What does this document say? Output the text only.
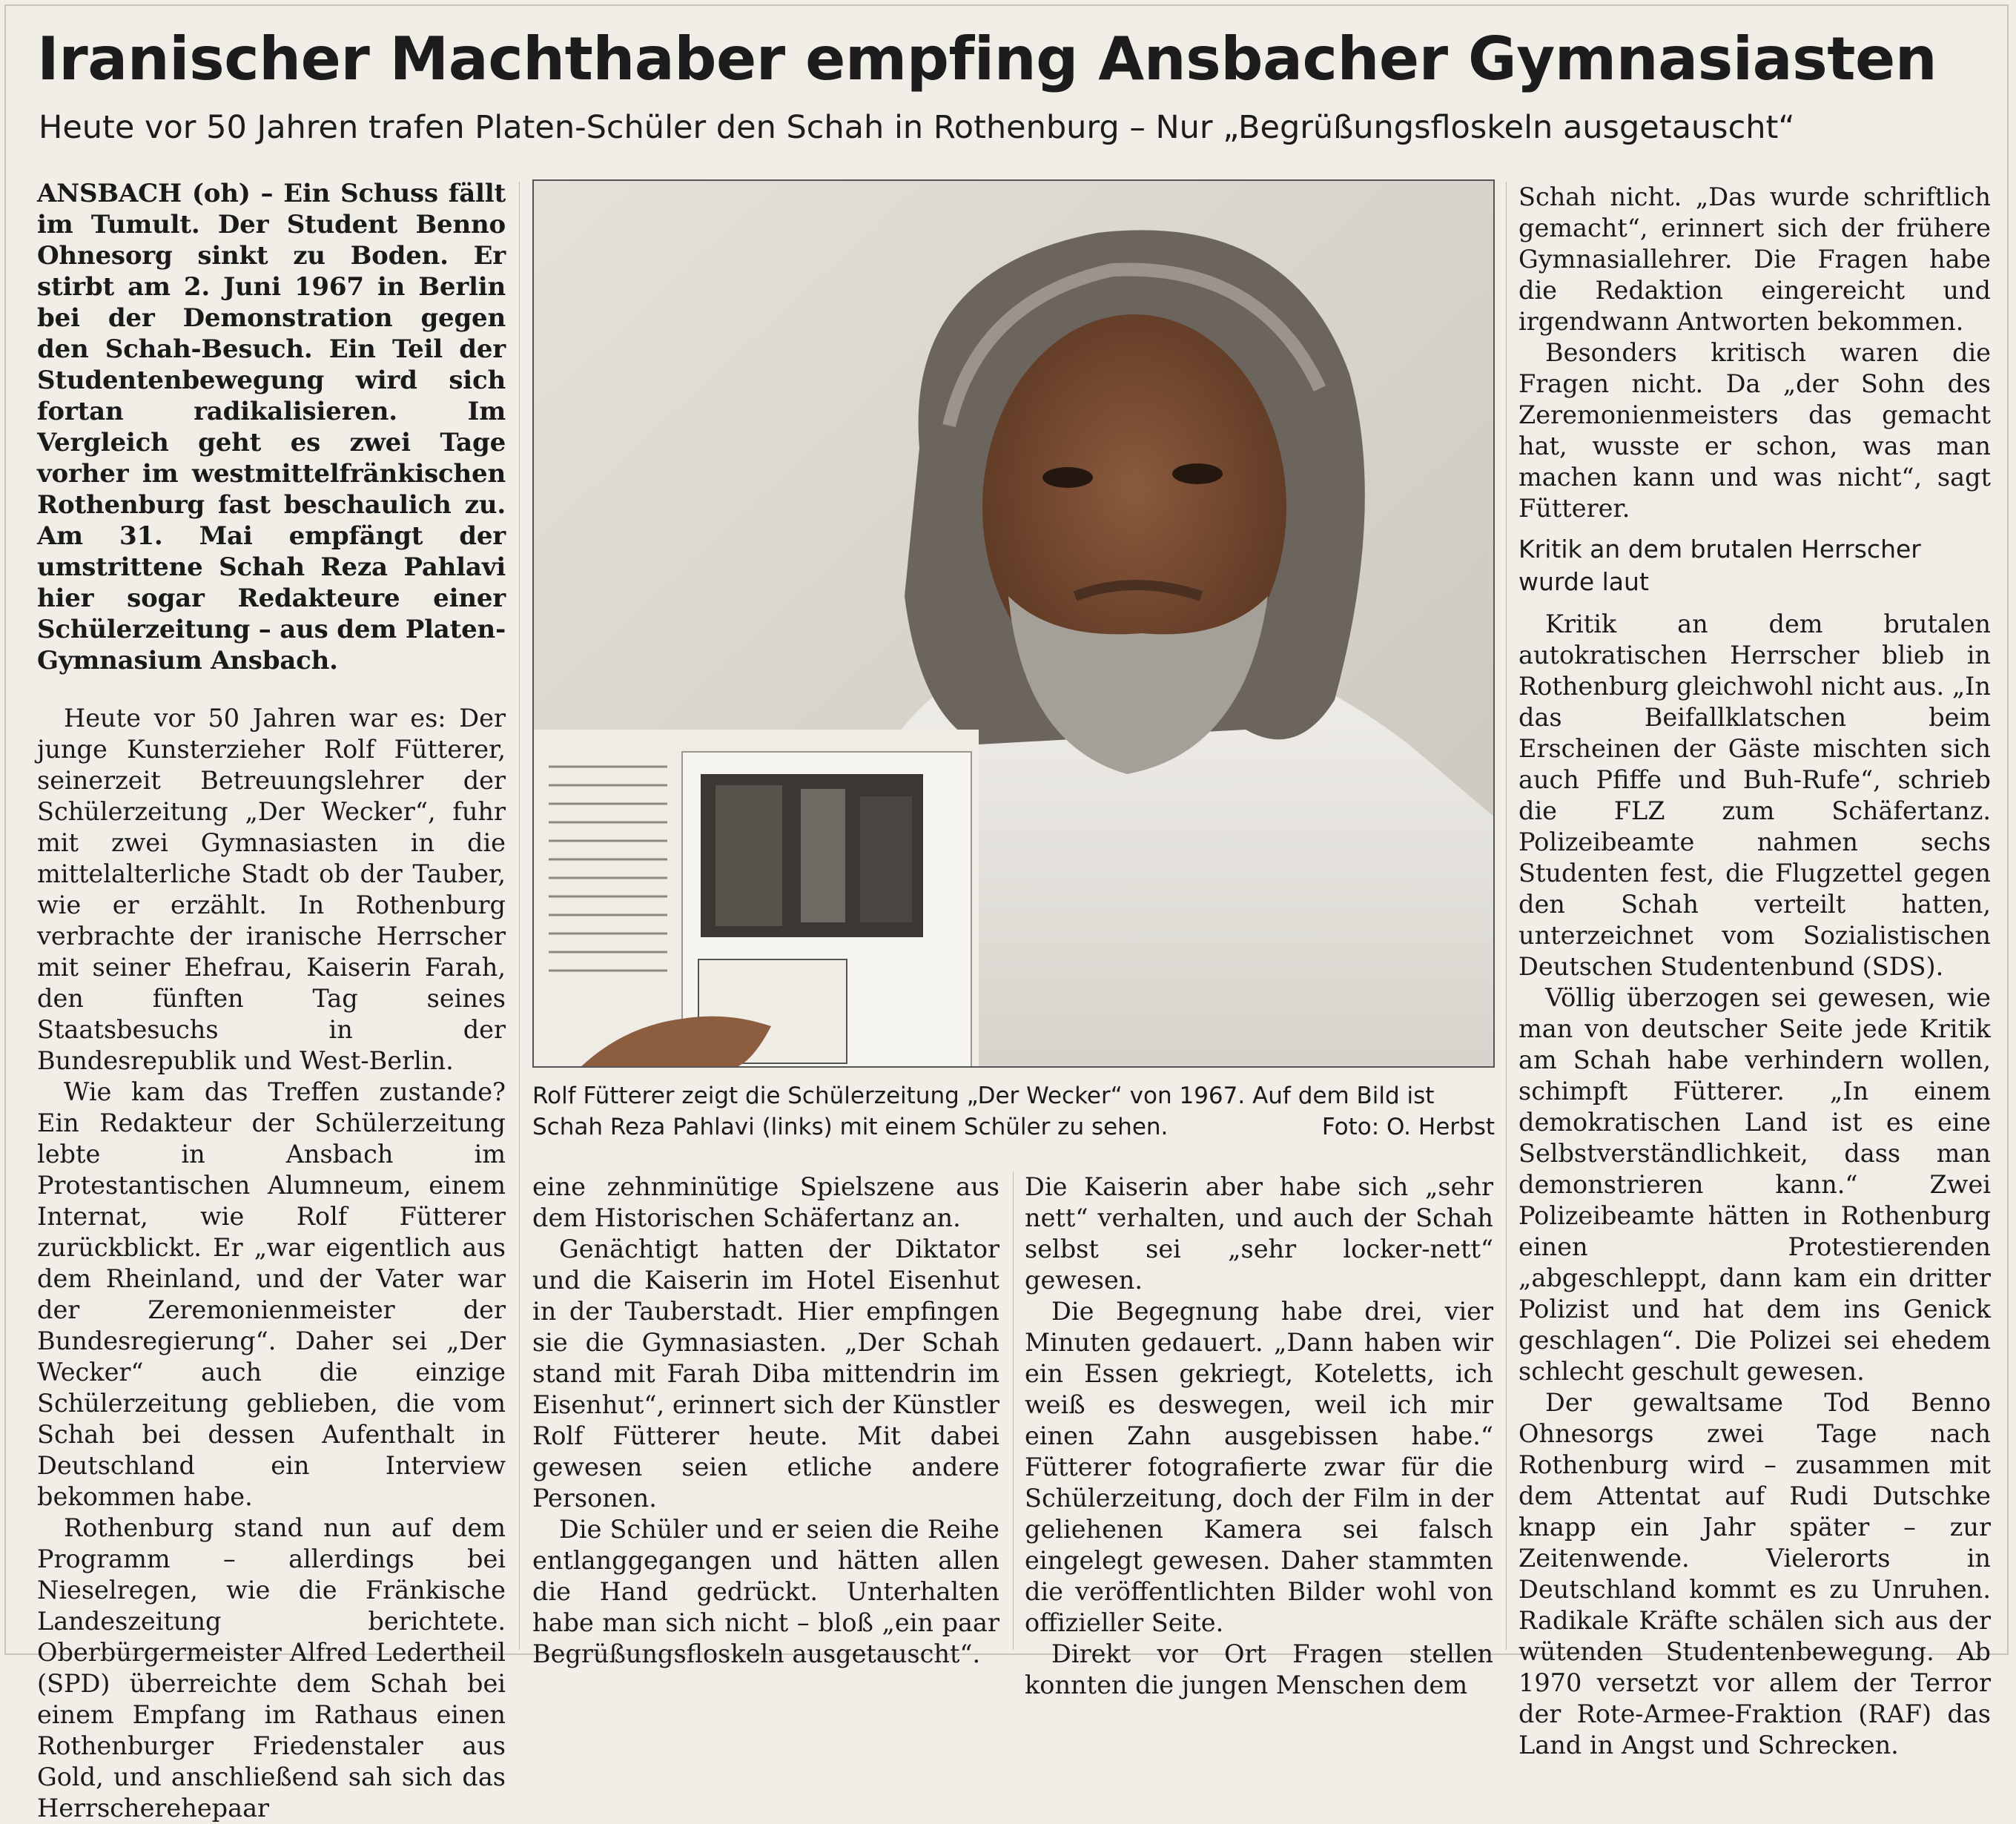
Iranischer Machthaber empfing Ansbacher Gymnasiasten
Heute vor 50 Jahren trafen Platen-Schüler den Schah in Rothenburg – Nur „Begrüßungsfloskeln ausgetauscht“

ANSBACH (oh) – Ein Schuss fällt im Tumult. Der Student Benno Ohnesorg sinkt zu Boden. Er stirbt am 2. Juni 1967 in Berlin bei der Demonstration gegen den Schah-Besuch. Ein Teil der Studentenbewegung wird sich fortan radikalisieren. Im Vergleich geht es zwei Tage vorher im westmittelfränkischen Rothenburg fast beschaulich zu. Am 31. Mai empfängt der umstrittene Schah Reza Pahlavi hier sogar Redakteure einer Schülerzeitung – aus dem Platen-Gymnasium Ansbach.

Heute vor 50 Jahren war es: Der junge Kunsterzieher Rolf Fütterer, seinerzeit Betreuungslehrer der Schülerzeitung „Der Wecker“, fuhr mit zwei Gymnasiasten in die mittelalterliche Stadt ob der Tauber, wie er erzählt. In Rothenburg verbrachte der iranische Herrscher mit seiner Ehefrau, Kaiserin Farah, den fünften Tag seines Staatsbesuchs in der Bundesrepublik und West-Berlin.

Wie kam das Treffen zustande? Ein Redakteur der Schülerzeitung lebte in Ansbach im Protestantischen Alumneum, einem Internat, wie Rolf Fütterer zurückblickt. Er „war eigentlich aus dem Rheinland, und der Vater war der Zeremonienmeister der Bundesregierung“. Daher sei „Der Wecker“ auch die einzige Schülerzeitung geblieben, die vom Schah bei dessen Aufenthalt in Deutschland ein Interview bekommen habe.

Rothenburg stand nun auf dem Programm – allerdings bei Nieselregen, wie die Fränkische Landeszeitung berichtete. Oberbürgermeister Alfred Ledertheil (SPD) überreichte dem Schah bei einem Empfang im Rathaus einen Rothenburger Friedenstaler aus Gold, und anschließend sah sich das Herrscherehepaar

Rolf Fütterer zeigt die Schülerzeitung „Der Wecker“ von 1967. Auf dem Bild ist Schah Reza Pahlavi (links) mit einem Schüler zu sehen.	Foto: O. Herbst

eine zehnminütige Spielszene aus dem Historischen Schäfertanz an.

Genächtigt hatten der Diktator und die Kaiserin im Hotel Eisenhut in der Tauberstadt. Hier empfingen sie die Gymnasiasten. „Der Schah stand mit Farah Diba mittendrin im Eisenhut“, erinnert sich der Künstler Rolf Fütterer heute. Mit dabei gewesen seien etliche andere Personen.

Die Schüler und er seien die Reihe entlanggegangen und hätten allen die Hand gedrückt. Unterhalten habe man sich nicht – bloß „ein paar Begrüßungsfloskeln ausgetauscht“.

Die Kaiserin aber habe sich „sehr nett“ verhalten, und auch der Schah selbst sei „sehr locker-nett“ gewesen.

Die Begegnung habe drei, vier Minuten gedauert. „Dann haben wir ein Essen gekriegt, Koteletts, ich weiß es deswegen, weil ich mir einen Zahn ausgebissen habe.“ Fütterer fotografierte zwar für die Schülerzeitung, doch der Film in der geliehenen Kamera sei falsch eingelegt gewesen. Daher stammten die veröffentlichten Bilder wohl von offizieller Seite.

Direkt vor Ort Fragen stellen konnten die jungen Menschen dem

Schah nicht. „Das wurde schriftlich gemacht“, erinnert sich der frühere Gymnasiallehrer. Die Fragen habe die Redaktion eingereicht und irgendwann Antworten bekommen.

Besonders kritisch waren die Fragen nicht. Da „der Sohn des Zeremonienmeisters das gemacht hat, wusste er schon, was man machen kann und was nicht“, sagt Fütterer.

Kritik an dem brutalen Herrscher wurde laut

Kritik an dem brutalen autokratischen Herrscher blieb in Rothenburg gleichwohl nicht aus. „In das Beifallklatschen beim Erscheinen der Gäste mischten sich auch Pfiffe und Buh-Rufe“, schrieb die FLZ zum Schäfertanz. Polizeibeamte nahmen sechs Studenten fest, die Flugzettel gegen den Schah verteilt hatten, unterzeichnet vom Sozialistischen Deutschen Studentenbund (SDS).

Völlig überzogen sei gewesen, wie man von deutscher Seite jede Kritik am Schah habe verhindern wollen, schimpft Fütterer. „In einem demokratischen Land ist es eine Selbstverständlichkeit, dass man demonstrieren kann.“ Zwei Polizeibeamte hätten in Rothenburg einen Protestierenden „abgeschleppt, dann kam ein dritter Polizist und hat dem ins Genick geschlagen“. Die Polizei sei ehedem schlecht geschult gewesen.

Der gewaltsame Tod Benno Ohnesorgs zwei Tage nach Rothenburg wird – zusammen mit dem Attentat auf Rudi Dutschke knapp ein Jahr später – zur Zeitenwende. Vielerorts in Deutschland kommt es zu Unruhen. Radikale Kräfte schälen sich aus der wütenden Studentenbewegung. Ab 1970 versetzt vor allem der Terror der Rote-Armee-Fraktion (RAF) das Land in Angst und Schrecken.
